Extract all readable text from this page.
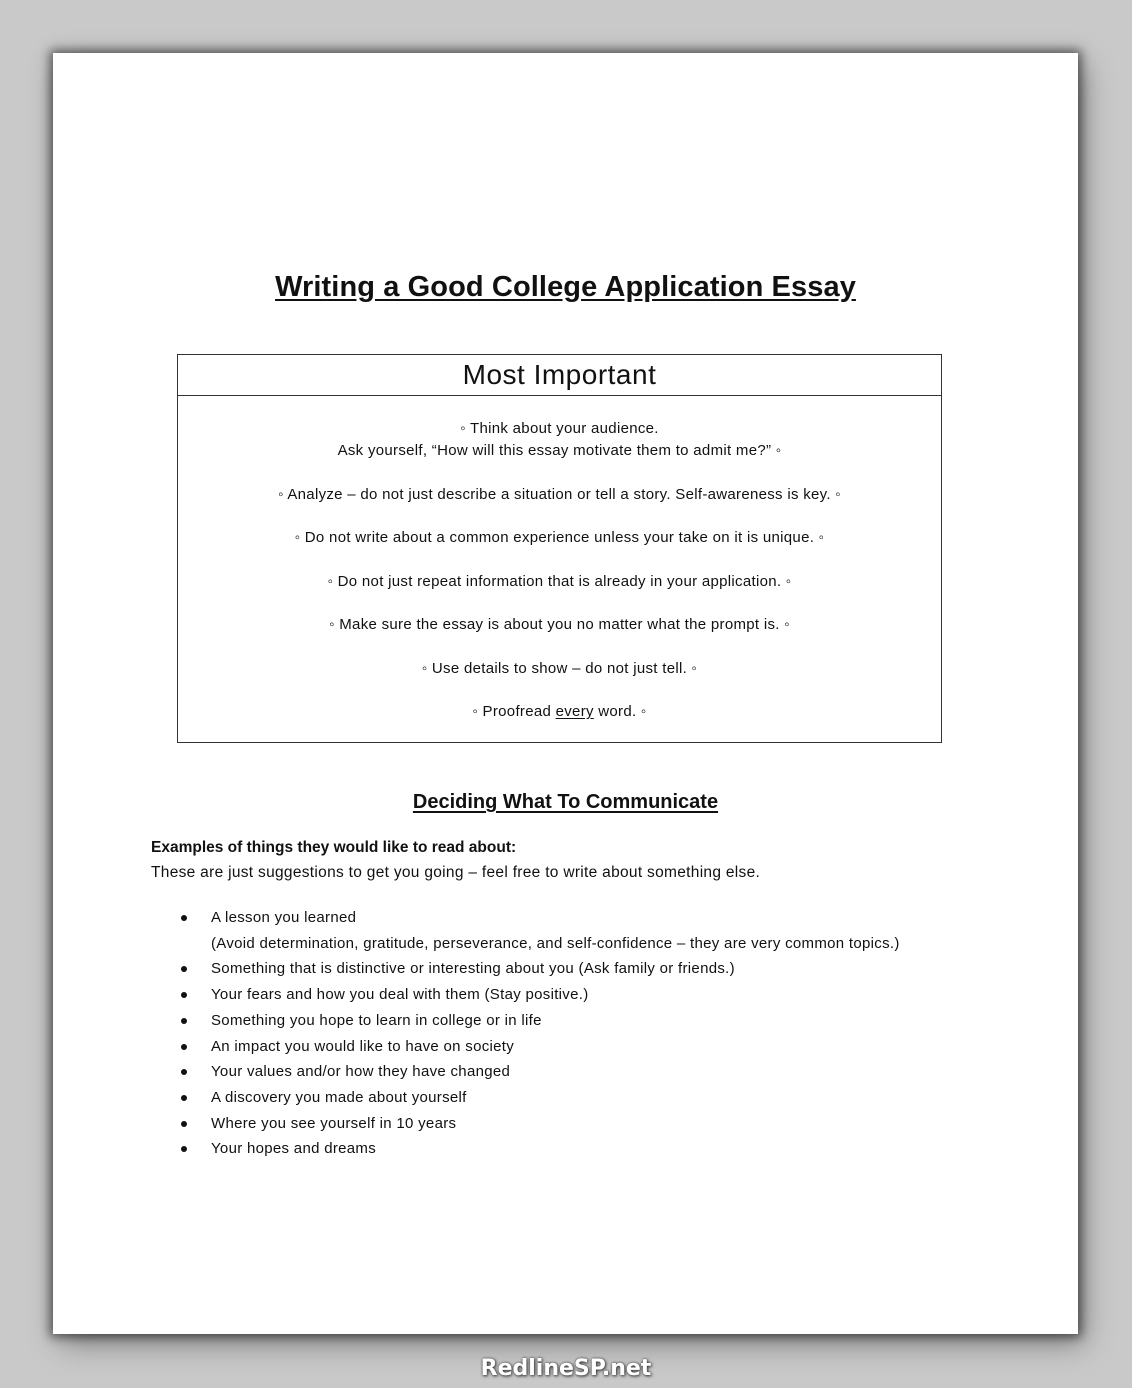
Writing a Good College Application Essay
Most Important
◦ Think about your audience.
Ask yourself, “How will this essay motivate them to admit me?” ◦
◦ Analyze – do not just describe a situation or tell a story. Self-awareness is key. ◦
◦ Do not write about a common experience unless your take on it is unique. ◦
◦ Do not just repeat information that is already in your application. ◦
◦ Make sure the essay is about you no matter what the prompt is. ◦
◦ Use details to show – do not just tell. ◦
◦ Proofread every word. ◦
Deciding What To Communicate

Examples of things they would like to read about:

These are just suggestions to get you going – feel free to write about something else.

A lesson you learned
(Avoid determination, gratitude, perseverance, and self-confidence – they are very common topics.)
Something that is distinctive or interesting about you (Ask family or friends.)
Your fears and how you deal with them (Stay positive.)
Something you hope to learn in college or in life
An impact you would like to have on society
Your values and/or how they have changed
A discovery you made about yourself
Where you see yourself in 10 years
Your hopes and dreams
RedlineSP.net
